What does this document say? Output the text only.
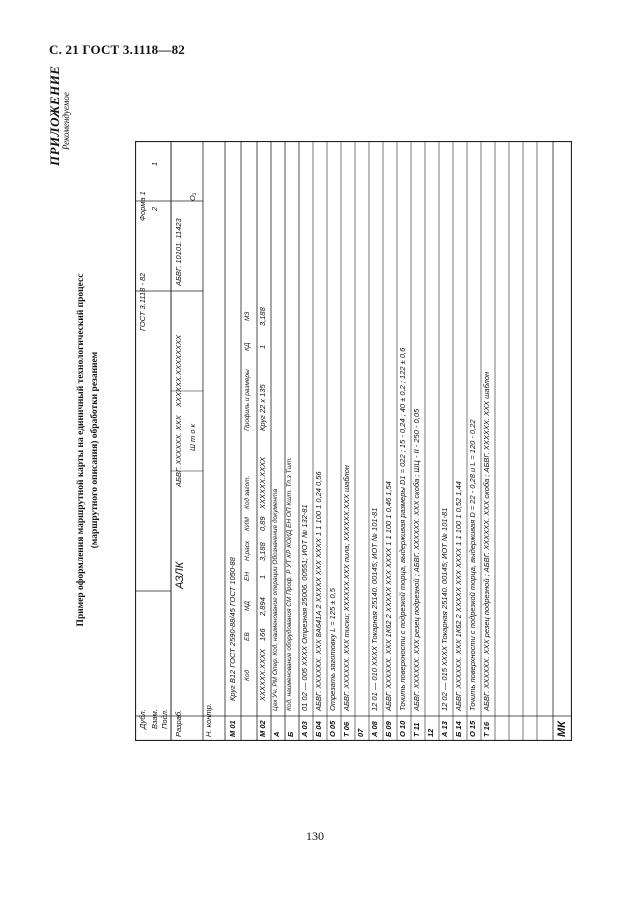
С. 21 ГОСТ 3.1118—82
ПРИЛОЖЕНИЕ Рекомендуемое
Пример оформления маршрутной карты на единичный технологический процесс (маршрутного описания) обработки резанием
Дубл.
ГОСТ 3.1118 - 82
Форма 1
Взам.
2
1
Подл. Разраб.
АЗЛК
АБВГ. XXXXXX. XXX
XXXXXX.XXXXXXXX
АБВГ. 10101. 11423
Ш т о к
О₁
Н. контр. М 01
Круг В12 ГОСТ 2590-88/45 ГОСТ 1050-88 Код
ЕВ
МД
ЕН
Н.расх
КИМ
Код загот.
Профиль и размеры
КД
МЗ
М 02
XXXXXX.XXXX
166
2,894
1
3,188
0,89
XXXXXX.XXXX
Круг 22 х 135
1
3,188
А
Цех Уч. РМ Опер. Код, наименование операции Обозначение документа
Б
Код, наименование оборудования СМ Проф. Р УТ КР КОИД ЕН ОП Кшт. Тп.з Тшт.
А 03
01 02 — 005 XXXX Отрезная 25006. 00551; ИОТ № 132-81
Б 04
АБВГ. XXXXXX. XXX 8А641А 2 XXXXX XXX XXXX 1 1 100 1 0,24 0,56
О 05
Отрезать заготовку L = 125 ± 0,5
Т 06
АБВГ. XXXXXX. XXX тиски; XXXXXX.XXX пила; XXXXXX.XXX шаблон
07 А 08
12 01 — 010 XXXX Токарная 25140. 00145; ИОТ № 101-81
Б 09
АБВГ. XXXXXX. XXX 1К62 2 XXXXX XXX XXXX 1 1 100 1 0,46 1,54
О 10
Точить поверхности с подрезкой торца, выдерживая размеры D1 = 022 ; 15 - 0,24 ; 40 ± 0,2 ; 122 ± 0,6
Т 11
АБВГ. XXXXXX. XXX резец подрезной ; АБВГ. XXXXXX. XXX скоба ; ШЦ - II - 250 - 0,05
12 А 13
12 02 — 015 XXXX Токарная 25140. 00145; ИОТ № 101-81
Б 14
АБВГ. XXXXXX. XXX 1К62 2 XXXXX XXX XXXX 1 1 100 1 0,52 1,44
О 15
Точить поверхности с подрезкой торца, выдерживая D = 22 - 0,28 и L = 120 - 0,22
Т 16
АБВГ. XXXXXX. XXX резец подрезной ; АБВГ. XXXXXX. XXX скоба ; АБВГ. XXXXXX. XXX шаблон
МК
130
